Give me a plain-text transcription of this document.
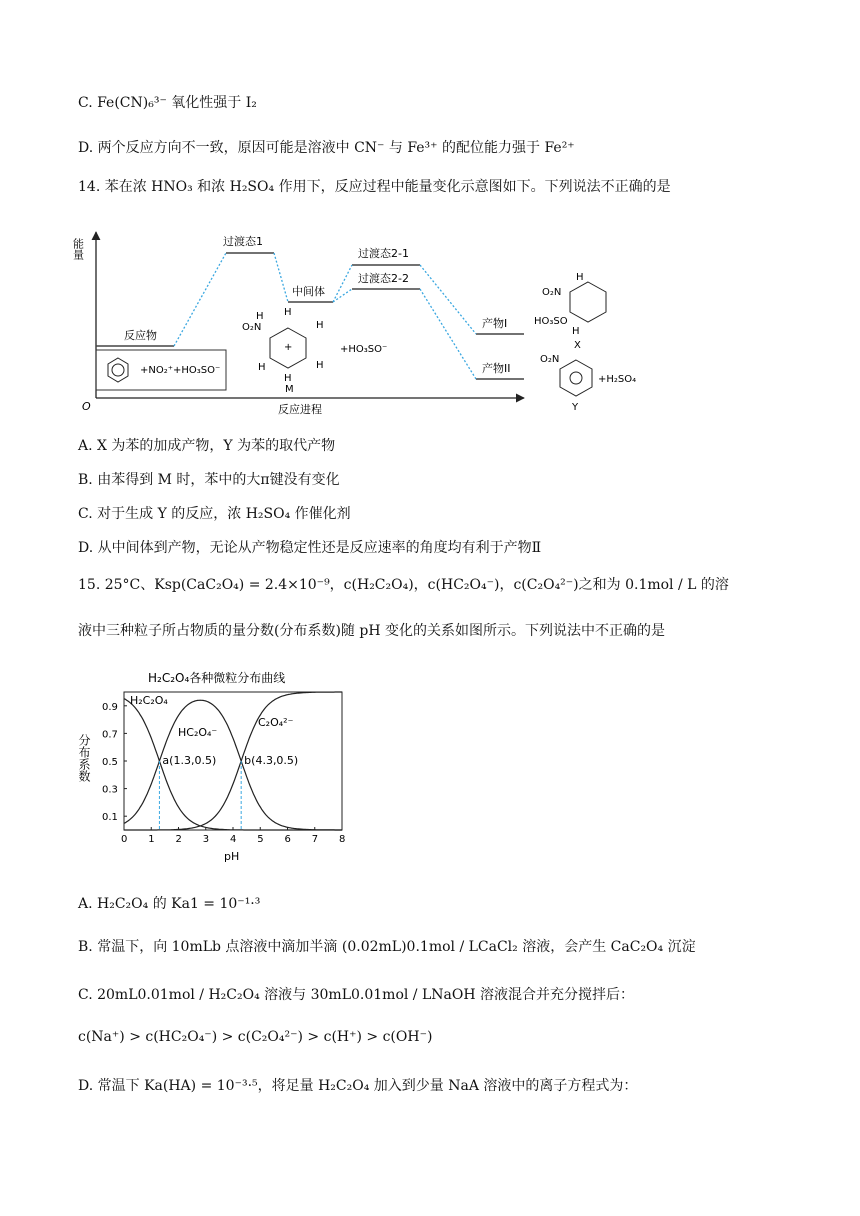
C. Fe(CN)₆³⁻ 氧化性强于 I₂
D. 两个反应方向不一致，原因可能是溶液中 CN⁻ 与 Fe³⁺ 的配位能力强于 Fe²⁺
14. 苯在浓 HNO₃ 和浓 H₂SO₄ 作用下，反应过程中能量变化示意图如下。下列说法不正确的是
能量
O	反应进程
反应物
过渡态1
中间体
过渡态2-1
过渡态2-2
产物I
产物II
+NO₂⁺+HO₃SO⁻
+
O₂N
H H
H
H
H
H
M
+HO₃SO⁻
H
O₂N
HO₃SO
H
X
O₂N
+H₂SO₄
Y
A. X 为苯的加成产物，Y 为苯的取代产物
B. 由苯得到 M 时，苯中的大π键没有变化
C. 对于生成 Y 的反应，浓 H₂SO₄ 作催化剂
D. 从中间体到产物，无论从产物稳定性还是反应速率的角度均有利于产物Ⅱ
15. 25°C、Ksp(CaC₂O₄) = 2.4×10⁻⁹，c(H₂C₂O₄)，c(HC₂O₄⁻)，c(C₂O₄²⁻)之和为 0.1mol / L 的溶
液中三种粒子所占物质的量分数(分布系数)随 pH 变化的关系如图所示。下列说法中不正确的是
H₂C₂O₄各种微粒分布曲线
分布系数
pH
0 1 2 3 4 5 6 7 8
0.1
0.3
0.5
0.7
0.9
a(1.3,0.5)	b(4.3,0.5)
H₂C₂O₄
HC₂O₄⁻
C₂O₄²⁻
A. H₂C₂O₄ 的 Ka1 = 10⁻¹·³
B. 常温下，向 10mLb 点溶液中滴加半滴 (0.02mL)0.1mol / LCaCl₂ 溶液，会产生 CaC₂O₄ 沉淀
C. 20mL0.01mol / H₂C₂O₄ 溶液与 30mL0.01mol / LNaOH 溶液混合并充分搅拌后：
c(Na⁺) > c(HC₂O₄⁻) > c(C₂O₄²⁻) > c(H⁺) > c(OH⁻)
D. 常温下 Ka(HA) = 10⁻³·⁵，将足量 H₂C₂O₄ 加入到少量 NaA 溶液中的离子方程式为：
